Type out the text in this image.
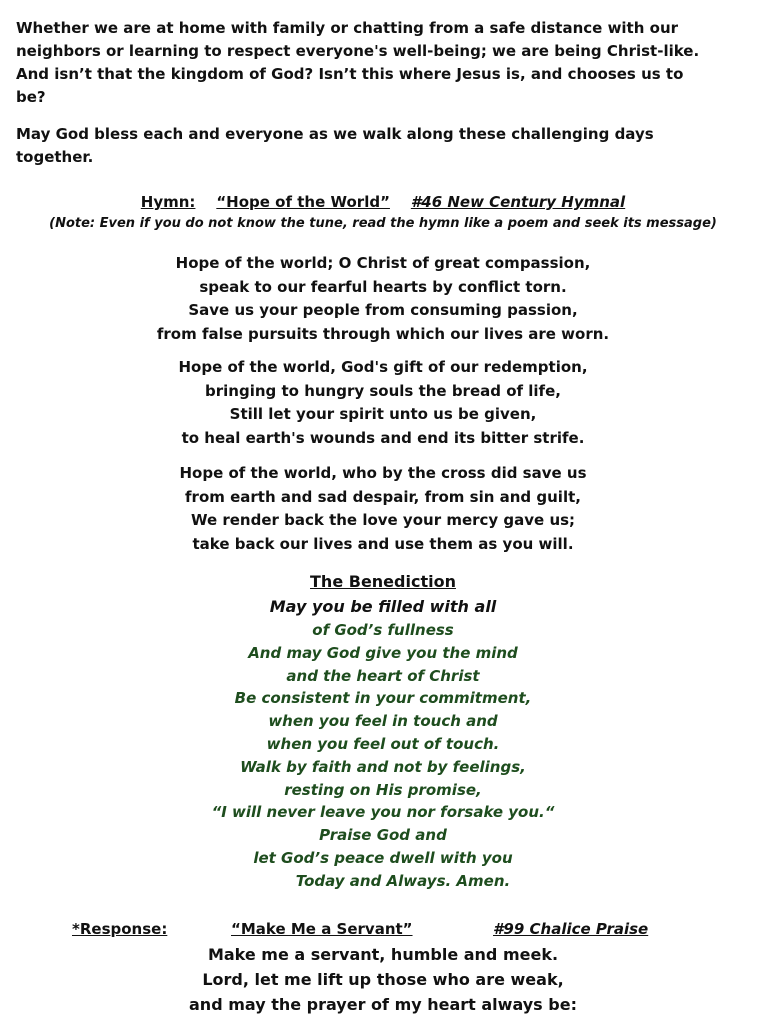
Whether we are at home with family or chatting from a safe distance with our
neighbors or learning to respect everyone's well-being; we are being Christ-like.
And isn’t that the kingdom of God? Isn’t this where Jesus is, and chooses us to
be?

May God bless each and everyone as we walk along these challenging days
together.

Hymn: “Hope of the World” #46 New Century Hymnal
(Note: Even if you do not know the tune, read the hymn like a poem and seek its message)
Hope of the world; O Christ of great compassion,
speak to our fearful hearts by conflict torn.
Save us your people from consuming passion,
from false pursuits through which our lives are worn.
Hope of the world, God's gift of our redemption,
bringing to hungry souls the bread of life,
Still let your spirit unto us be given,
to heal earth's wounds and end its bitter strife.
Hope of the world, who by the cross did save us
from earth and sad despair, from sin and guilt,
We render back the love your mercy gave us;
take back our lives and use them as you will.
The Benediction
May you be filled with all
of God’s fullness
And may God give you the mind
and the heart of Christ
Be consistent in your commitment,
when you feel in touch and
when you feel out of touch.
Walk by faith and not by feelings,
resting on His promise,
“I will never leave you nor forsake you.“
Praise God and
let God’s peace dwell with you
Today and Always. Amen.
*Response:	“Make Me a Servant”	#99 Chalice Praise
Make me a servant, humble and meek.
Lord, let me lift up those who are weak,
and may the prayer of my heart always be:
